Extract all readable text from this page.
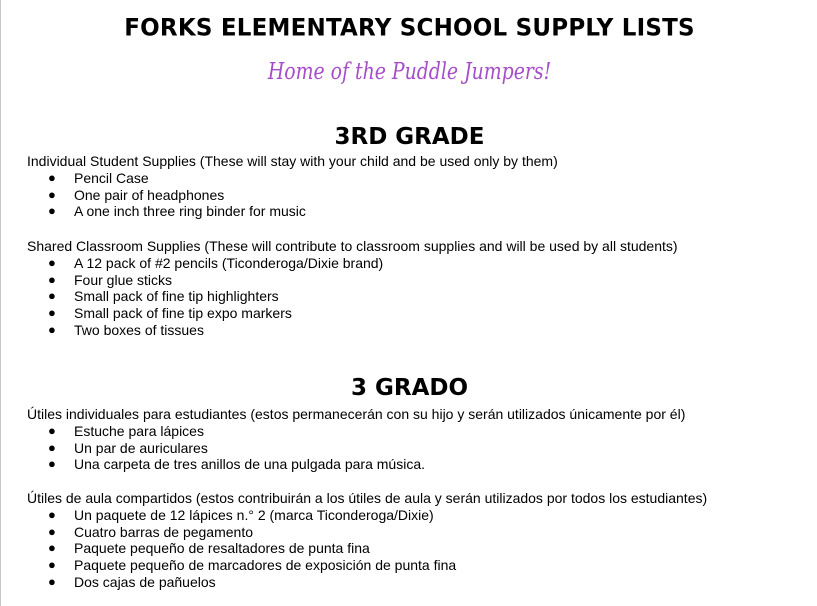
FORKS ELEMENTARY SCHOOL SUPPLY LISTS
Home of the Puddle Jumpers!
3RD GRADE

Individual Student Supplies (These will stay with your child and be used only by them)

● Pencil Case
● One pair of headphones
● A one inch three ring binder for music

Shared Classroom Supplies (These will contribute to classroom supplies and will be used by all students)

● A 12 pack of #2 pencils (Ticonderoga/Dixie brand)
● Four glue sticks
● Small pack of fine tip highlighters
● Small pack of fine tip expo markers
● Two boxes of tissues
3 GRADO

Útiles individuales para estudiantes (estos permanecerán con su hijo y serán utilizados únicamente por él)

● Estuche para lápices
● Un par de auriculares
● Una carpeta de tres anillos de una pulgada para música.

Útiles de aula compartidos (estos contribuirán a los útiles de aula y serán utilizados por todos los estudiantes)

● Un paquete de 12 lápices n.° 2 (marca Ticonderoga/Dixie)
● Cuatro barras de pegamento
● Paquete pequeño de resaltadores de punta fina
● Paquete pequeño de marcadores de exposición de punta fina
● Dos cajas de pañuelos
